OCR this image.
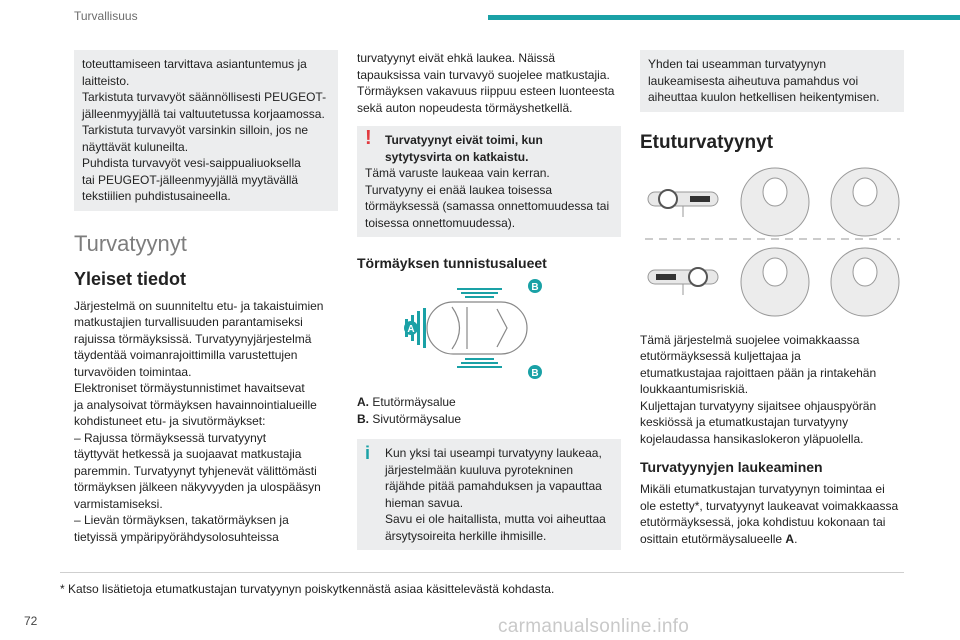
Turvallisuus
toteuttamiseen tarvittava asiantuntemus ja
laitteisto.
Tarkistuta turvavyöt säännöllisesti PEUGEOT-
jälleenmyyjällä tai valtuutetussa korjaamossa.
Tarkistuta turvavyöt varsinkin silloin, jos ne
näyttävät kuluneilta.
Puhdista turvavyöt vesi-saippualiuoksella
tai PEUGEOT-jälleenmyyjällä myytävällä
tekstiilien puhdistusaineella.
Turvatyynyt
Yleiset tiedot
Järjestelmä on suunniteltu etu- ja takaistuimien
matkustajien turvallisuuden parantamiseksi
rajuissa törmäyksissä. Turvatyynyjärjestelmä
täydentää voimanrajoittimilla varustettujen
turvavöiden toimintaa.
Elektroniset törmäystunnistimet havaitsevat
ja analysoivat törmäyksen havainnointialueille
kohdistuneet etu- ja sivutörmäykset:
– Rajussa törmäyksessä turvatyynyt
täyttyvät hetkessä ja suojaavat matkustajia
paremmin. Turvatyynyt tyhjenevät välittömästi
törmäyksen jälkeen näkyvyyden ja ulospääsyn
varmistamiseksi.
– Lievän törmäyksen, takatörmäyksen ja
tietyissä ympäripyörähdysolosuhteissa
turvatyynyt eivät ehkä laukea. Näissä
tapauksissa vain turvavyö suojelee matkustajia.
Törmäyksen vakavuus riippuu esteen luonteesta
sekä auton nopeudesta törmäyshetkellä.
! Turvatyynyt eivät toimi, kun
sytytysvirta on katkaistu.
Tämä varuste laukeaa vain kerran.
Turvatyyny ei enää laukea toisessa
törmäyksessä (samassa onnettomuudessa tai
toisessa onnettomuudessa).
Törmäyksen tunnistusalueet
A
B
B
A. Etutörmäysalue
B. Sivutörmäysalue
i Kun yksi tai useampi turvatyyny laukeaa,
järjestelmään kuuluva pyrotekninen
räjähde pitää pamahduksen ja vapauttaa
hieman savua.
Savu ei ole haitallista, mutta voi aiheuttaa
ärsytysoireita herkille ihmisille.
Yhden tai useamman turvatyynyn
laukeamisesta aiheutuva pamahdus voi
aiheuttaa kuulon hetkellisen heikentymisen.
Etuturvatyynyt
Tämä järjestelmä suojelee voimakkaassa
etutörmäyksessä kuljettajaa ja
etumatkustajaa rajoittaen pään ja rintakehän
loukkaantumisriskiä.
Kuljettajan turvatyyny sijaitsee ohjauspyörän
keskiössä ja etumatkustajan turvatyyny
kojelaudassa hansikaslokeron yläpuolella.
Turvatyynyjen laukeaminen
Mikäli etumatkustajan turvatyynyn toimintaa ei
ole estetty*, turvatyynyt laukeavat voimakkaassa
etutörmäyksessä, joka kohdistuu kokonaan tai
osittain etutörmäysalueelle A.
* Katso lisätietoja etumatkustajan turvatyynyn poiskytkennästä asiaa käsittelevästä kohdasta.
72	carmanualsonline.info
